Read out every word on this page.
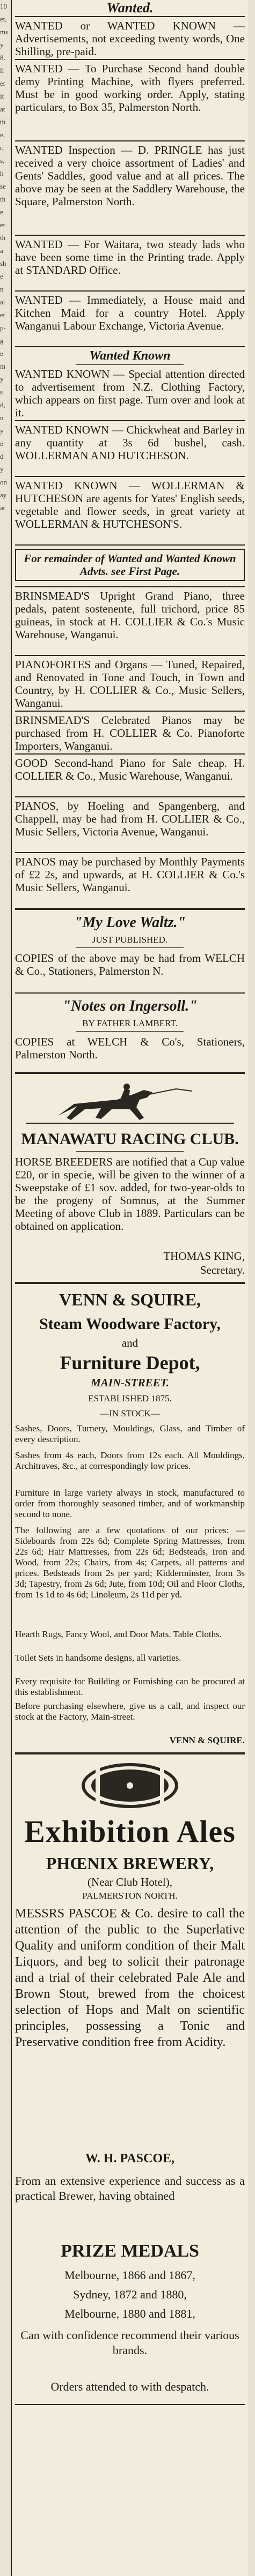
10
et,
ms
y.
8.
ll
er
it
at
th
e,
r,
s,
h
se
th
e
er
th
a
sh
e
n
al
et
p-
g
e
m
y
s
d,
n
y
e
d
y
on
ay
at
Wanted.
WANTED or WANTED KNOWN — Advertisements, not exceeding twenty words, One Shilling, pre-paid.
WANTED — To Purchase Second hand double demy Printing Machine, with flyers preferred. Must be in good working order. Apply, stating particulars, to Box 35, Palmerston North.
WANTED Inspection — D. PRINGLE has just received a very choice assortment of Ladies' and Gents' Saddles, good value and at all prices. The above may be seen at the Saddlery Warehouse, the Square, Palmerston North.
WANTED — For Waitara, two steady lads who have been some time in the Printing trade. Apply at STANDARD Office.
WANTED — Immediately, a House maid and Kitchen Maid for a country Hotel. Apply Wanganui Labour Exchange, Victoria Avenue.
Wanted Known
WANTED KNOWN — Special attention directed to advertisement from N.Z. Clothing Factory, which appears on first page. Turn over and look at it.
WANTED KNOWN — Chickwheat and Barley in any quantity at 3s 6d bushel, cash. WOLLERMAN AND HUTCHESON.
WANTED KNOWN — WOLLERMAN & HUTCHESON are agents for Yates' English seeds, vegetable and flower seeds, in great variety at WOLLERMAN & HUTCHESON'S.
For remainder of Wanted and Wanted Known Advts. see First Page.
BRINSMEAD'S Upright Grand Piano, three pedals, patent sostenente, full trichord, price 85 guineas, in stock at H. COLLIER & Co.'s Music Warehouse, Wanganui.
PIANOFORTES and Organs — Tuned, Repaired, and Renovated in Tone and Touch, in Town and Country, by H. COLLIER & Co., Music Sellers, Wanganui.
BRINSMEAD'S Celebrated Pianos may be purchased from H. COLLIER & Co. Pianoforte Importers, Wanganui.
GOOD Second-hand Piano for Sale cheap. H. COLLIER & Co., Music Warehouse, Wanganui.
PIANOS, by Hoeling and Spangenberg, and Chappell, may be had from H. COLLIER & Co., Music Sellers, Victoria Avenue, Wanganui.
PIANOS may be purchased by Monthly Payments of £2 2s, and upwards, at H. COLLIER & Co.'s Music Sellers, Wanganui.
"My Love Waltz."
JUST PUBLISHED.
COPIES of the above may be had from WELCH & Co., Stationers, Palmerston N.
"Notes on Ingersoll."
BY FATHER LAMBERT.
COPIES at WELCH & Co's, Stationers, Palmerston North.
MANAWATU RACING CLUB.
HORSE BREEDERS are notified that a Cup value £20, or in specie, will be given to the winner of a Sweepstake of £1 sov. added, for two-year-olds to be the progeny of Somnus, at the Summer Meeting of above Club in 1889. Particulars can be obtained on application.
THOMAS KING,
Secretary.
VENN & SQUIRE,
Steam Woodware Factory,
and
Furniture Depot,
MAIN-STREET.
ESTABLISHED 1875.
—IN STOCK—
Sashes, Doors, Turnery, Mouldings, Glass, and Timber of every description.
Sashes from 4s each, Doors from 12s each. All Mouldings, Architraves, &c., at correspondingly low prices.
Furniture in large variety always in stock, manufactured to order from thoroughly seasoned timber, and of workmanship second to none.
The following are a few quotations of our prices: — Sideboards from 22s 6d; Complete Spring Mattresses, from 22s 6d; Hair Mattresses, from 22s 6d; Bedsteads, Iron and Wood, from 22s; Chairs, from 4s; Carpets, all patterns and prices. Bedsteads from 2s per yard; Kidderminster, from 3s 3d; Tapestry, from 2s 6d; Jute, from 10d; Oil and Floor Cloths, from 1s 1d to 4s 6d; Linoleum, 2s 11d per yd.
Hearth Rugs, Fancy Wool, and Door Mats. Table Cloths.
Toilet Sets in handsome designs, all varieties.
Every requisite for Building or Furnishing can be procured at this establishment.
Before purchasing elsewhere, give us a call, and inspect our stock at the Factory, Main-street.
VENN & SQUIRE.
Exhibition Ales
PHŒNIX BREWERY,
(Near Club Hotel),
PALMERSTON NORTH.
MESSRS PASCOE & Co. desire to call the attention of the public to the Superlative Quality and uniform condition of their Malt Liquors, and beg to solicit their patronage and a trial of their celebrated Pale Ale and Brown Stout, brewed from the choicest selection of Hops and Malt on scientific principles, possessing a Tonic and Preservative condition free from Acidity.
W. H. PASCOE,
From an extensive experience and success as a practical Brewer, having obtained
PRIZE MEDALS
Melbourne, 1866 and 1867,
Sydney, 1872 and 1880,
Melbourne, 1880 and 1881,
Can with confidence recommend their various brands.
Orders attended to with despatch.
